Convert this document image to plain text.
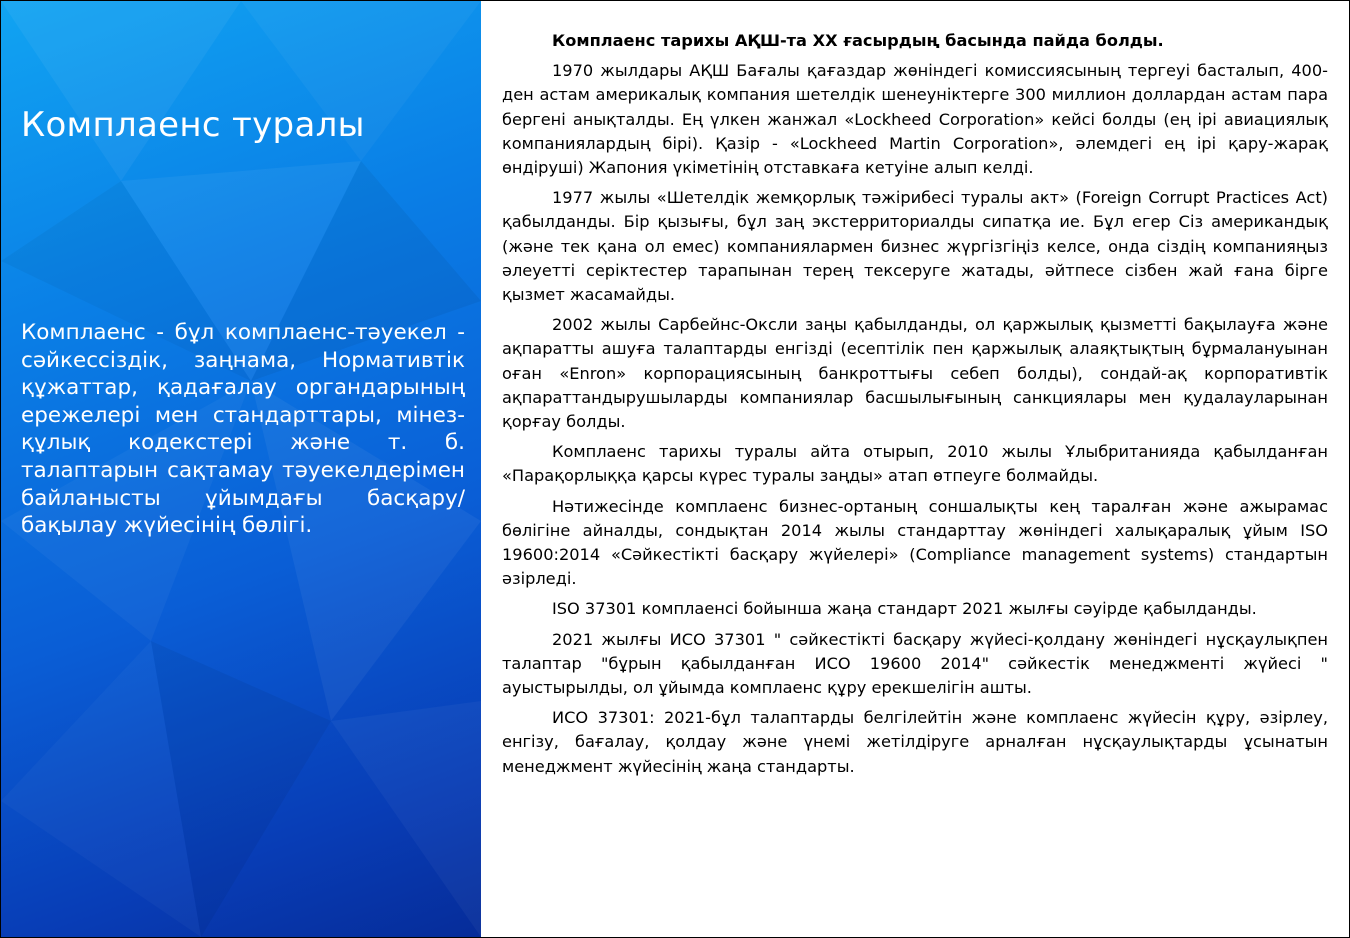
Комплаенс туралы

Комплаенс - бұл комплаенс-тәуекел - сәйкессіздік, заңнама, Нормативтік құжаттар, қадағалау органдарының ережелері мен стандарттары, мінез-құлық кодекстері және т. б. талаптарын сақтамау тәуекелдерімен байланысты ұйымдағы басқару/бақылау жүйесінің бөлігі.

Комплаенс тарихы АҚШ-та XX ғасырдың басында пайда болды.

1970 жылдары АҚШ Бағалы қағаздар жөніндегі комиссиясының тергеуі басталып, 400-ден астам америкалық компания шетелдік шенеуніктерге 300 миллион доллардан астам пара бергені анықталды. Ең үлкен жанжал «Lockheed Corporation» кейсі болды (ең ірі авиациялық компаниялардың бірі). Қазір - «Lockheed Martin Corporation», әлемдегі ең ірі қару-жарақ өндіруші) Жапония үкіметінің отставкаға кетуіне алып келді.

1977 жылы «Шетелдік жемқорлық тәжірибесі туралы акт» (Foreign Corrupt Practices Act) қабылданды. Бір қызығы, бұл заң экстерриториалды сипатқа ие. Бұл егер Сіз американдық (және тек қана ол емес) компаниялармен бизнес жүргізгіңіз келсе, онда сіздің компанияңыз әлеуетті серіктестер тарапынан терең тексеруге жатады, әйтпесе сізбен жай ғана бірге қызмет жасамайды.

2002 жылы Сарбейнс-Оксли заңы қабылданды, ол қаржылық қызметті бақылауға және ақпаратты ашуға талаптарды енгізді (есептілік пен қаржылық алаяқтықтың бұрмалануынан оған «Enron» корпорациясының банкроттығы себеп болды), сондай-ақ корпоративтік ақпараттандырушыларды компаниялар басшылығының санкциялары мен қудалауларынан қорғау болды.

Комплаенс тарихы туралы айта отырып, 2010 жылы Ұлыбританияда қабылданған «Парақорлыққа қарсы күрес туралы заңды» атап өтпеуге болмайды.

Нәтижесінде комплаенс бизнес-ортаның соншалықты кең таралған және ажырамас бөлігіне айналды, сондықтан 2014 жылы стандарттау жөніндегі халықаралық ұйым ISO 19600:2014 «Сәйкестікті басқару жүйелері» (Compliance management systems) стандартын әзірледі.

ISO 37301 комплаенсі бойынша жаңа стандарт 2021 жылғы сәуірде қабылданды.

2021 жылғы ИСО 37301 " сәйкестікті басқару жүйесі-қолдану жөніндегі нұсқаулықпен талаптар "бұрын қабылданған ИСО 19600 2014" сәйкестік менеджменті жүйесі " ауыстырылды, ол ұйымда комплаенс құру ерекшелігін ашты.

ИСО 37301: 2021-бұл талаптарды белгілейтін және комплаенс жүйесін құру, әзірлеу, енгізу, бағалау, қолдау және үнемі жетілдіруге арналған нұсқаулықтарды ұсынатын менеджмент жүйесінің жаңа стандарты.
